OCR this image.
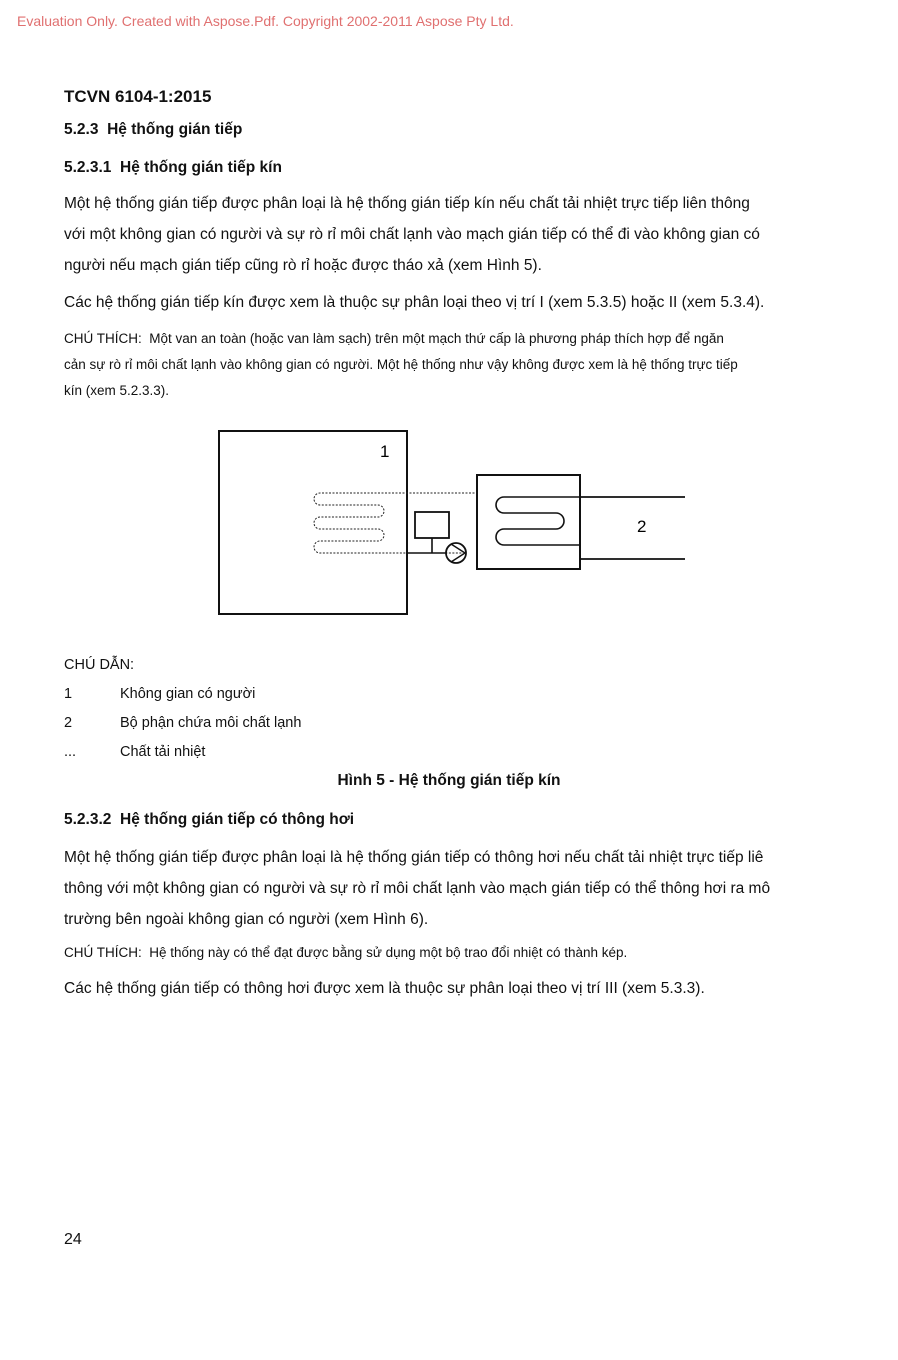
Evaluation Only. Created with Aspose.Pdf. Copyright 2002-2011 Aspose Pty Ltd.
TCVN 6104-1:2015
5.2.3 Hệ thống gián tiếp
5.2.3.1 Hệ thống gián tiếp kín
Một hệ thống gián tiếp được phân loại là hệ thống gián tiếp kín nếu chất tải nhiệt trực tiếp liên thông
với một không gian có người và sự rò rỉ môi chất lạnh vào mạch gián tiếp có thể đi vào không gian có
người nếu mạch gián tiếp cũng rò rỉ hoặc được tháo xả (xem Hình 5).
Các hệ thống gián tiếp kín được xem là thuộc sự phân loại theo vị trí I (xem 5.3.5) hoặc II (xem 5.3.4).
CHÚ THÍCH: Một van an toàn (hoặc van làm sạch) trên một mạch thứ cấp là phương pháp thích hợp để ngăn
cản sự rò rỉ môi chất lạnh vào không gian có người. Một hệ thống như vậy không được xem là hệ thống trực tiếp
kín (xem 5.2.3.3).
1
2
CHÚ DẪN:
1	Không gian có người
2	Bộ phận chứa môi chất lạnh
...	Chất tải nhiệt
Hình 5 - Hệ thống gián tiếp kín
5.2.3.2 Hệ thống gián tiếp có thông hơi
Một hệ thống gián tiếp được phân loại là hệ thống gián tiếp có thông hơi nếu chất tải nhiệt trực tiếp liê
thông với một không gian có người và sự rò rỉ môi chất lạnh vào mạch gián tiếp có thể thông hơi ra mô
trường bên ngoài không gian có người (xem Hình 6).
CHÚ THÍCH: Hệ thống này có thể đạt được bằng sử dụng một bộ trao đổi nhiệt có thành kép.
Các hệ thống gián tiếp có thông hơi được xem là thuộc sự phân loại theo vị trí III (xem 5.3.3).
24
